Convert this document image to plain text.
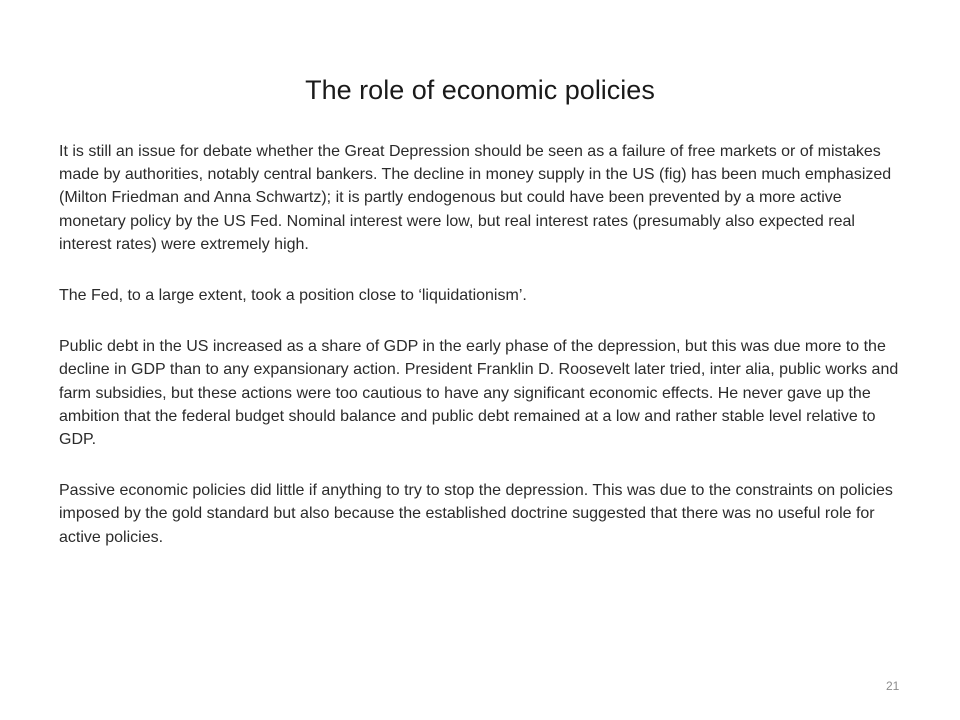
The role of economic policies

It is still an issue for debate whether the Great Depression should be seen as a failure of free markets or of mistakes made by authorities, notably central bankers. The decline in money supply in the US (fig) has been much emphasized (Milton Friedman and Anna Schwartz); it is partly endogenous but could have been prevented by a more active monetary policy by the US Fed. Nominal interest were low, but real interest rates (presumably also expected real interest rates) were extremely high.

The Fed, to a large extent, took a position close to ‘liquidationism’.

Public debt in the US increased as a share of GDP in the early phase of the depression, but this was due more to the decline in GDP than to any expansionary action. President Franklin D. Roosevelt later tried, inter alia, public works and farm subsidies, but these actions were too cautious to have any significant economic effects. He never gave up the ambition that the federal budget should balance and public debt remained at a low and rather stable level relative to GDP.

Passive economic policies did little if anything to try to stop the depression. This was due to the constraints on policies imposed by the gold standard but also because the established doctrine suggested that there was no useful role for active policies.

21
